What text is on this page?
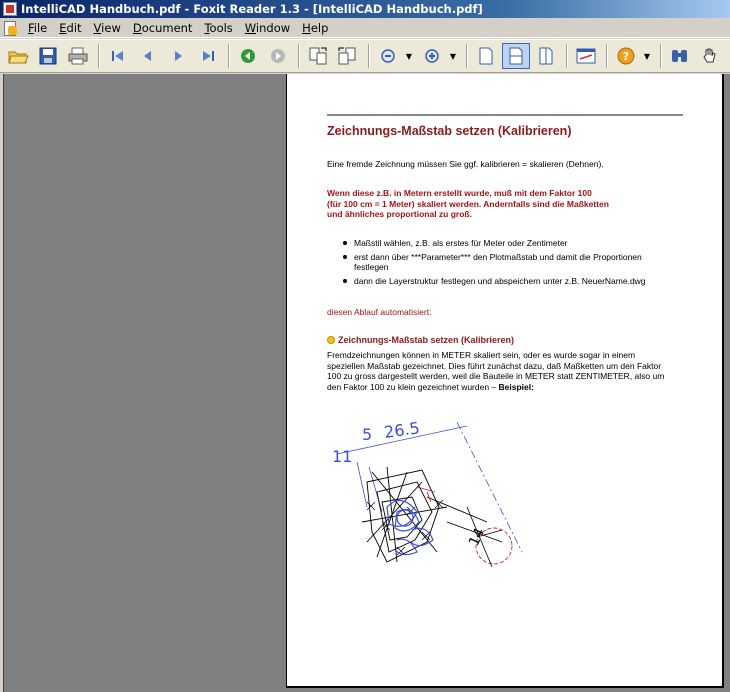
IntelliCAD Handbuch.pdf - Foxit Reader 1.3 - [IntelliCAD Handbuch.pdf]
File	Edit	View	Document	Tools	Window	Help
▼	▼	? ▼
Zeichnungs-Maßstab setzen (Kalibrieren)
Eine fremde Zeichnung müssen Sie ggf. kalibrieren = skalieren (Dehnen).
Wenn diese z.B. in Metern erstellt wurde, muß mit dem Faktor 100
(für 100 cm = 1 Meter) skaliert werden. Andernfalls sind die Maßketten
und ähnliches proportional zu groß.
Maßstil wählen, z.B. als erstes für Meter oder Zentimeter
erst dann über ***Parameter*** den Plotmaßstab und damit die Proportionen festlegen
dann die Layerstruktur festlegen und abspeichern unter z.B. NeuerName.dwg
diesen Ablauf automatisiert:
Zeichnungs-Maßstab setzen (Kalibrieren)
Fremdzeichnungen können in METER skaliert sein, oder es wurde sogar in einem
speziellen Maßstab gezeichnet. Dies führt zunächst dazu, daß Maßketten um den Faktor
100 zu gross dargestellt werden, weil die Bauteile in METER statt ZENTIMETER, also um
den Faktor 100 zu klein gezeichnet wurden – Beispiel:
5 26.5
11
14
